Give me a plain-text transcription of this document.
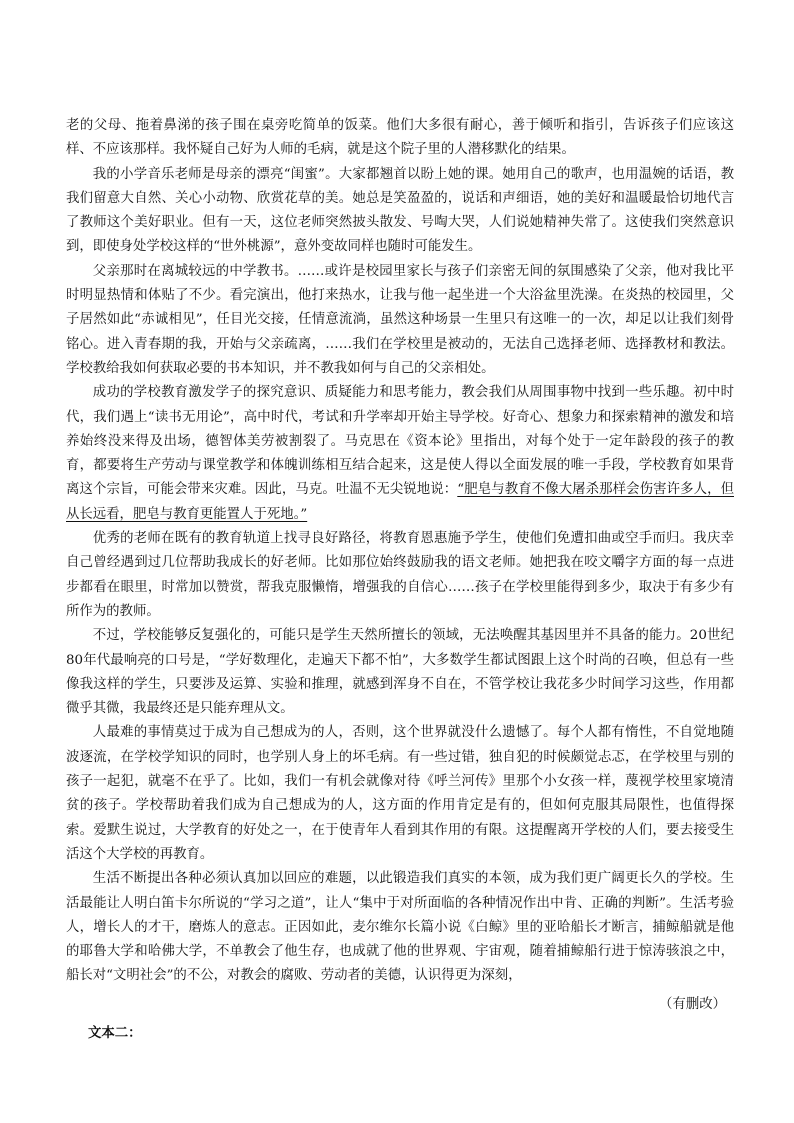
老的父母、拖着鼻涕的孩子围在桌旁吃简单的饭菜。他们大多很有耐心，善于倾听和指引，告诉孩子们应该这样、不应该那样。我怀疑自己好为人师的毛病，就是这个院子里的人潜移默化的结果。

我的小学音乐老师是母亲的漂亮“闺蜜”。大家都翘首以盼上她的课。她用自己的歌声，也用温婉的话语，教我们留意大自然、关心小动物、欣赏花草的美。她总是笑盈盈的，说话和声细语，她的美好和温暖最恰切地代言了教师这个美好职业。但有一天，这位老师突然披头散发、号啕大哭，人们说她精神失常了。这使我们突然意识到，即使身处学校这样的“世外桃源”，意外变故同样也随时可能发生。

父亲那时在离城较远的中学教书。……或许是校园里家长与孩子们亲密无间的氛围感染了父亲，他对我比平时明显热情和体贴了不少。看完演出，他打来热水，让我与他一起坐进一个大浴盆里洗澡。在炎热的校园里，父子居然如此“赤诚相见”，任目光交接，任情意流淌，虽然这种场景一生里只有这唯一的一次，却足以让我们刻骨铭心。进入青春期的我，开始与父亲疏离，……我们在学校里是被动的，无法自己选择老师、选择教材和教法。学校教给我如何获取必要的书本知识，并不教我如何与自己的父亲相处。

成功的学校教育激发学子的探究意识、质疑能力和思考能力，教会我们从周围事物中找到一些乐趣。初中时代，我们遇上“读书无用论”，高中时代，考试和升学率却开始主导学校。好奇心、想象力和探索精神的激发和培养始终没来得及出场，德智体美劳被割裂了。马克思在《资本论》里指出，对每个处于一定年龄段的孩子的教育，都要将生产劳动与课堂教学和体魄训练相互结合起来，这是使人得以全面发展的唯一手段，学校教育如果背离这个宗旨，可能会带来灾难。因此，马克。吐温不无尖锐地说：“肥皂与教育不像大屠杀那样会伤害许多人，但从长远看，肥皂与教育更能置人于死地。”

优秀的老师在既有的教育轨道上找寻良好路径，将教育恩惠施予学生，使他们免遭扣曲或空手而归。我庆幸自己曾经遇到过几位帮助我成长的好老师。比如那位始终鼓励我的语文老师。她把我在咬文嚼字方面的每一点进步都看在眼里，时常加以赞赏，帮我克服懒惰，增强我的自信心……孩子在学校里能得到多少，取决于有多少有所作为的教师。

不过，学校能够反复强化的，可能只是学生天然所擅长的领域，无法唤醒其基因里并不具备的能力。20世纪80年代最响亮的口号是，“学好数理化，走遍天下都不怕”，大多数学生都试图跟上这个时尚的召唤，但总有一些像我这样的学生，只要涉及运算、实验和推理，就感到浑身不自在，不管学校让我花多少时间学习这些，作用都微乎其微，我最终还是只能弃理从文。

人最难的事情莫过于成为自己想成为的人，否则，这个世界就没什么遗憾了。每个人都有惰性，不自觉地随波逐流，在学校学知识的同时，也学别人身上的坏毛病。有一些过错，独自犯的时候颇觉忐忑，在学校里与别的孩子一起犯，就毫不在乎了。比如，我们一有机会就像对待《呼兰河传》里那个小女孩一样，蔑视学校里家境清贫的孩子。学校帮助着我们成为自己想成为的人，这方面的作用肯定是有的，但如何克服其局限性，也值得探索。爱默生说过，大学教育的好处之一，在于使青年人看到其作用的有限。这提醒离开学校的人们，要去接受生活这个大学校的再教育。

生活不断提出各种必须认真加以回应的难题，以此锻造我们真实的本领，成为我们更广阔更长久的学校。生活最能让人明白笛卡尔所说的“学习之道”，让人“集中于对所面临的各种情况作出中肯、正确的判断”。生活考验人，增长人的才干，磨炼人的意志。正因如此，麦尔维尔长篇小说《白鲸》里的亚哈船长才断言，捕鲸船就是他的耶鲁大学和哈佛大学，不单教会了他生存，也成就了他的世界观、宇宙观，随着捕鲸船行进于惊涛骇浪之中，船长对“文明社会”的不公，对教会的腐败、劳动者的美德，认识得更为深刻，

（有删改）

文本二：
